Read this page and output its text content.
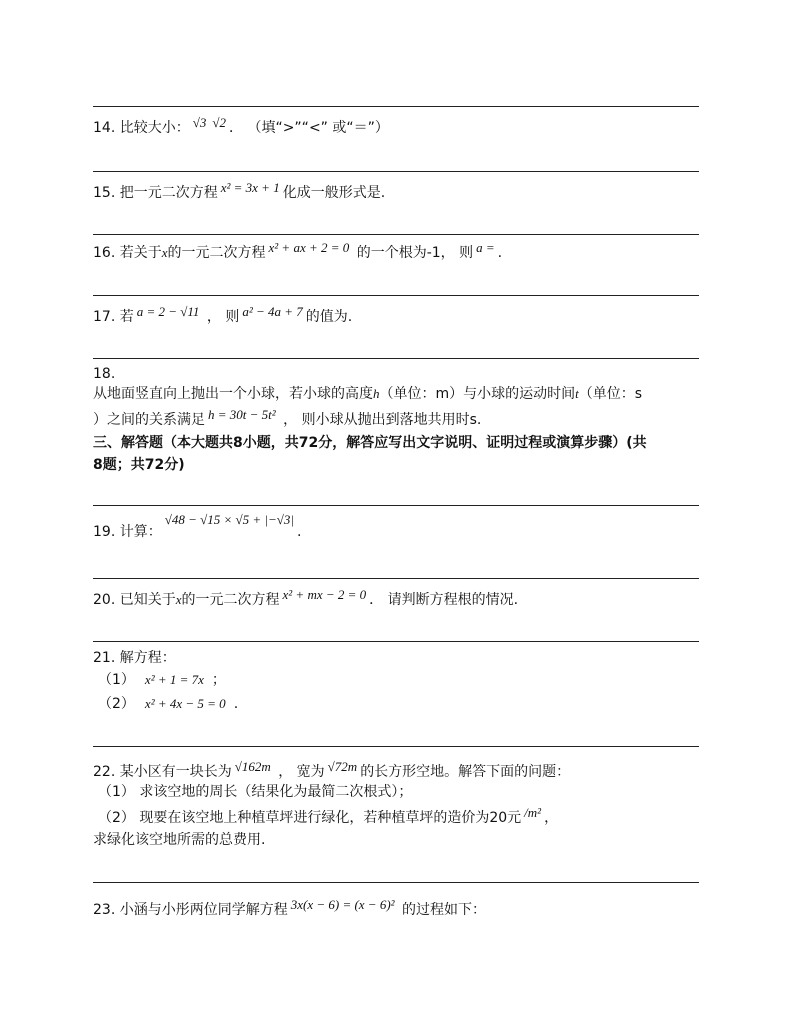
14. 比较大小： √3 √2 ． （填“>”“<” 或“＝”）
15. 把一元二次方程 x² = 3x + 1 化成一般形式是.
16. 若关于x的一元二次方程 x² + ax + 2 = 0 的一个根为-1， 则 a = .
17. 若 a = 2 − √11 ， 则 a² − 4a + 7 的值为.
18.
从地面竖直向上抛出一个小球，若小球的高度h（单位：m）与小球的运动时间t（单位：s
）之间的关系满足 h = 30t − 5t² ， 则小球从抛出到落地共用时s.
三、解答题（本大题共8小题，共72分，解答应写出文字说明、证明过程或演算步骤）(共
8题；共72分)
19. 计算：√48 − √15 × √5 + |−√3|.
20. 已知关于x的一元二次方程 x² + mx − 2 = 0 ． 请判断方程根的情况.
21. 解方程：
（1） x² + 1 = 7x ；
（2） x² + 4x − 5 = 0 .
22. 某小区有一块长为 √162m ， 宽为 √72m 的长方形空地。解答下面的问题：
（1） 求该空地的周长（结果化为最简二次根式）；
（2） 现要在该空地上种植草坪进行绿化，若种植草坪的造价为20元 /m² ，
求绿化该空地所需的总费用.
23. 小涵与小彤两位同学解方程 3x(x − 6) = (x − 6)² 的过程如下：
